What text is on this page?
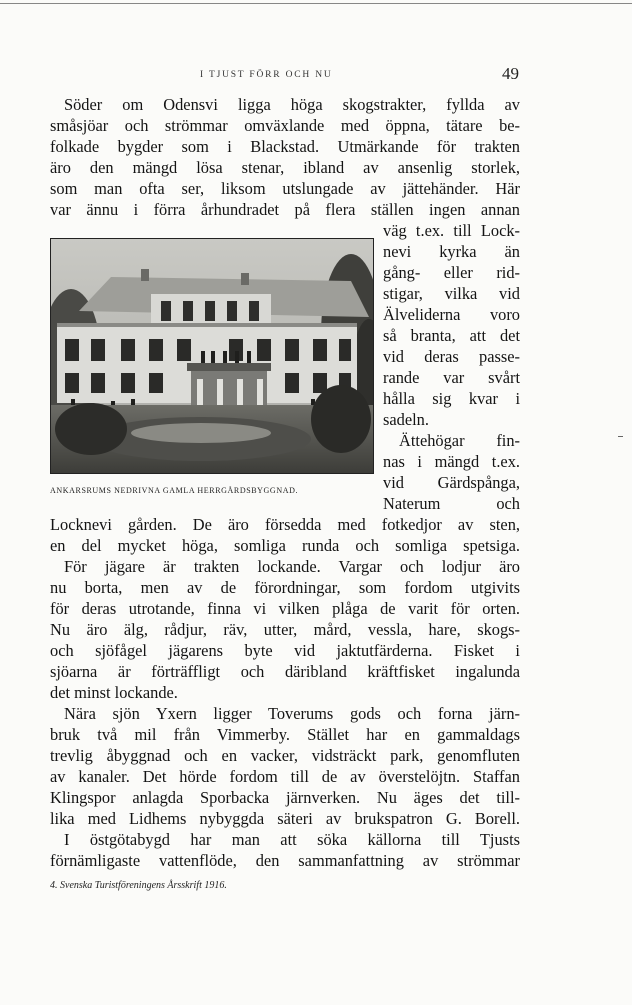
I TJUST FÖRR OCH NU	49
Söder om Odensvi ligga höga skogstrakter, fyllda av
småsjöar och strömmar omväxlande med öppna, tätare be-
folkade bygder som i Blackstad. Utmärkande för trakten
äro den mängd lösa stenar, ibland av ansenlig storlek,
som man ofta ser, liksom utslungade av jättehänder. Här
var ännu i förra århundradet på flera ställen ingen annan
ANKARSRUMS NEDRIVNA GAMLA HERRGÅRDSBYGGNAD.
väg t.ex. till Lock-
nevi kyrka än
gång- eller rid-
stigar, vilka vid
Älveliderna voro
så branta, att det
vid deras passe-
rande var svårt
hålla sig kvar i
sadeln.
Ättehögar fin-
nas i mängd t.ex.
vid Gärdspånga,
Naterum och
Locknevi gården. De äro försedda med fotkedjor av sten,
en del mycket höga, somliga runda och somliga spetsiga.
För jägare är trakten lockande. Vargar och lodjur äro
nu borta, men av de förordningar, som fordom utgivits
för deras utrotande, finna vi vilken plåga de varit för orten.
Nu äro älg, rådjur, räv, utter, mård, vessla, hare, skogs-
och sjöfågel jägarens byte vid jaktutfärderna. Fisket i
sjöarna är förträffligt och däribland kräftfisket ingalunda
det minst lockande.
Nära sjön Yxern ligger Toverums gods och forna järn-
bruk två mil från Vimmerby. Stället har en gammaldags
trevlig åbyggnad och en vacker, vidsträckt park, genomfluten
av kanaler. Det hörde fordom till de av överstelöjtn. Staffan
Klingspor anlagda Sporbacka järnverken. Nu äges det till-
lika med Lidhems nybyggda säteri av brukspatron G. Borell.
I östgötabygd har man att söka källorna till Tjusts
förnämligaste vattenflöde, den sammanfattning av strömmar
4. Svenska Turistföreningens Årsskrift 1916.
